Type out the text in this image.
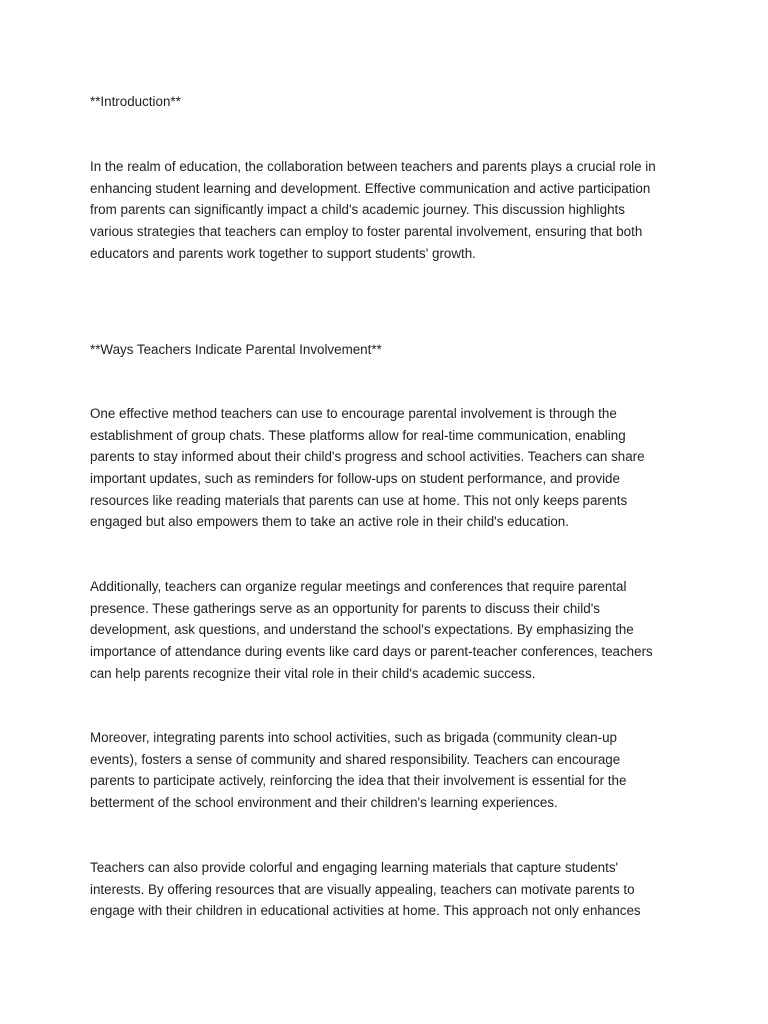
**Introduction**

In the realm of education, the collaboration between teachers and parents plays a crucial role in
enhancing student learning and development. Effective communication and active participation
from parents can significantly impact a child's academic journey. This discussion highlights
various strategies that teachers can employ to foster parental involvement, ensuring that both
educators and parents work together to support students' growth.

**Ways Teachers Indicate Parental Involvement**

One effective method teachers can use to encourage parental involvement is through the
establishment of group chats. These platforms allow for real-time communication, enabling
parents to stay informed about their child's progress and school activities. Teachers can share
important updates, such as reminders for follow-ups on student performance, and provide
resources like reading materials that parents can use at home. This not only keeps parents
engaged but also empowers them to take an active role in their child's education.

Additionally, teachers can organize regular meetings and conferences that require parental
presence. These gatherings serve as an opportunity for parents to discuss their child's
development, ask questions, and understand the school's expectations. By emphasizing the
importance of attendance during events like card days or parent-teacher conferences, teachers
can help parents recognize their vital role in their child's academic success.

Moreover, integrating parents into school activities, such as brigada (community clean-up
events), fosters a sense of community and shared responsibility. Teachers can encourage
parents to participate actively, reinforcing the idea that their involvement is essential for the
betterment of the school environment and their children's learning experiences.

Teachers can also provide colorful and engaging learning materials that capture students'
interests. By offering resources that are visually appealing, teachers can motivate parents to
engage with their children in educational activities at home. This approach not only enhances
